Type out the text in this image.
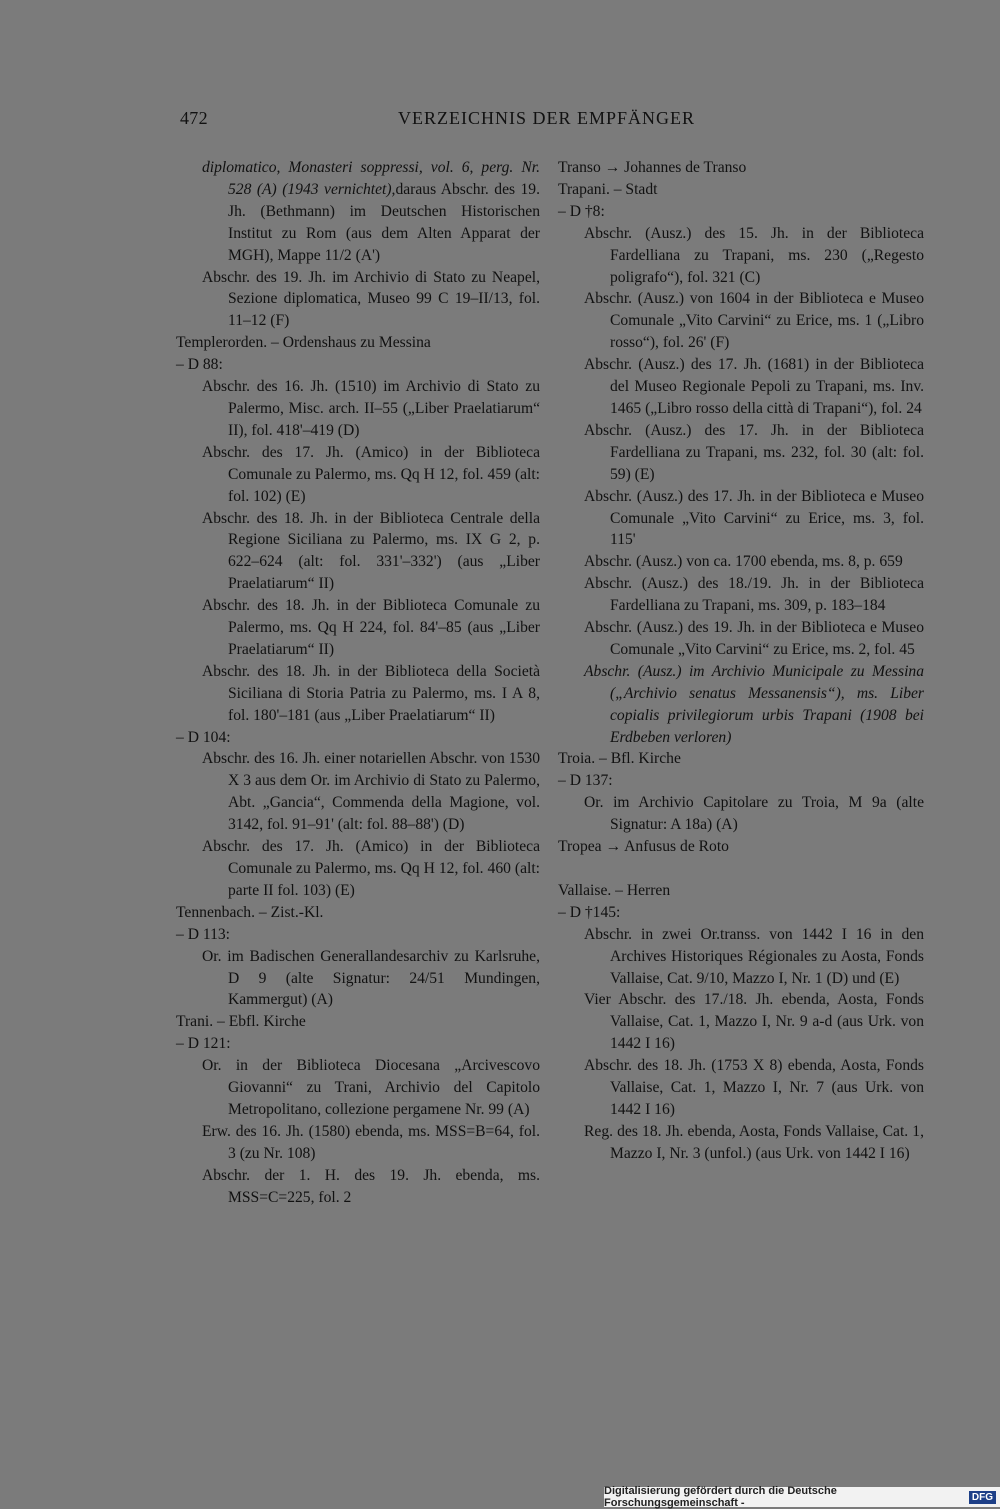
472	VERZEICHNIS DER EMPFÄNGER

diplomatico, Monasteri soppressi, vol. 6, perg. Nr. 528 (A) (1943 vernichtet),daraus Abschr. des 19. Jh. (Bethmann) im Deutschen Historischen Institut zu Rom (aus dem Alten Apparat der MGH), Mappe 11/2 (A')

Abschr. des 19. Jh. im Archivio di Stato zu Neapel, Sezione diplomatica, Museo 99 C 19–II/13, fol. 11–12 (F)

Templerorden. – Ordenshaus zu Messina

– D 88:

Abschr. des 16. Jh. (1510) im Archivio di Stato zu Palermo, Misc. arch. II–55 („Liber Praelatiarum“ II), fol. 418'–419 (D)

Abschr. des 17. Jh. (Amico) in der Biblioteca Comunale zu Palermo, ms. Qq H 12, fol. 459 (alt: fol. 102) (E)

Abschr. des 18. Jh. in der Biblioteca Centrale della Regione Siciliana zu Palermo, ms. IX G 2, p. 622–624 (alt: fol. 331'–332') (aus „Liber Praelatiarum“ II)

Abschr. des 18. Jh. in der Biblioteca Comunale zu Palermo, ms. Qq H 224, fol. 84'–85 (aus „Liber Praelatiarum“ II)

Abschr. des 18. Jh. in der Biblioteca della Società Siciliana di Storia Patria zu Palermo, ms. I A 8, fol. 180'–181 (aus „Liber Praelatiarum“ II)

– D 104:

Abschr. des 16. Jh. einer notariellen Abschr. von 1530 X 3 aus dem Or. im Archivio di Stato zu Palermo, Abt. „Gancia“, Commenda della Magione, vol. 3142, fol. 91–91' (alt: fol. 88–88') (D)

Abschr. des 17. Jh. (Amico) in der Biblioteca Comunale zu Palermo, ms. Qq H 12, fol. 460 (alt: parte II fol. 103) (E)

Tennenbach. – Zist.-Kl.

– D 113:

Or. im Badischen Generallandesarchiv zu Karlsruhe, D 9 (alte Signatur: 24/51 Mundingen, Kammergut) (A)

Trani. – Ebfl. Kirche

– D 121:

Or. in der Biblioteca Diocesana „Arcivescovo Giovanni“ zu Trani, Archivio del Capitolo Metropolitano, collezione pergamene Nr. 99 (A)

Erw. des 16. Jh. (1580) ebenda, ms. MSS=B=64, fol. 3 (zu Nr. 108)

Abschr. der 1. H. des 19. Jh. ebenda, ms. MSS=C=225, fol. 2

Transo → Johannes de Transo

Trapani. – Stadt

– D †8:

Abschr. (Ausz.) des 15. Jh. in der Biblioteca Fardelliana zu Trapani, ms. 230 („Regesto poligrafo“), fol. 321 (C)

Abschr. (Ausz.) von 1604 in der Biblioteca e Museo Comunale „Vito Carvini“ zu Erice, ms. 1 („Libro rosso“), fol. 26' (F)

Abschr. (Ausz.) des 17. Jh. (1681) in der Biblioteca del Museo Regionale Pepoli zu Trapani, ms. Inv. 1465 („Libro rosso della città di Trapani“), fol. 24

Abschr. (Ausz.) des 17. Jh. in der Biblioteca Fardelliana zu Trapani, ms. 232, fol. 30 (alt: fol. 59) (E)

Abschr. (Ausz.) des 17. Jh. in der Biblioteca e Museo Comunale „Vito Carvini“ zu Erice, ms. 3, fol. 115'

Abschr. (Ausz.) von ca. 1700 ebenda, ms. 8, p. 659

Abschr. (Ausz.) des 18./19. Jh. in der Biblioteca Fardelliana zu Trapani, ms. 309, p. 183–184

Abschr. (Ausz.) des 19. Jh. in der Biblioteca e Museo Comunale „Vito Carvini“ zu Erice, ms. 2, fol. 45

Abschr. (Ausz.) im Archivio Municipale zu Messina („Archivio senatus Messanensis“), ms. Liber copialis privilegiorum urbis Trapani (1908 bei Erdbeben verloren)

Troia. – Bfl. Kirche

– D 137:

Or. im Archivio Capitolare zu Troia, M 9a (alte Signatur: A 18a) (A)

Tropea → Anfusus de Roto

Vallaise. – Herren

– D †145:

Abschr. in zwei Or.transs. von 1442 I 16 in den Archives Historiques Régionales zu Aosta, Fonds Vallaise, Cat. 9/10, Mazzo I, Nr. 1 (D) und (E)

Vier Abschr. des 17./18. Jh. ebenda, Aosta, Fonds Vallaise, Cat. 1, Mazzo I, Nr. 9 a-d (aus Urk. von 1442 I 16)

Abschr. des 18. Jh. (1753 X 8) ebenda, Aosta, Fonds Vallaise, Cat. 1, Mazzo I, Nr. 7 (aus Urk. von 1442 I 16)

Reg. des 18. Jh. ebenda, Aosta, Fonds Vallaise, Cat. 1, Mazzo I, Nr. 3 (unfol.) (aus Urk. von 1442 I 16)

Digitalisierung gefördert durch die Deutsche Forschungsgemeinschaft -	DFG
